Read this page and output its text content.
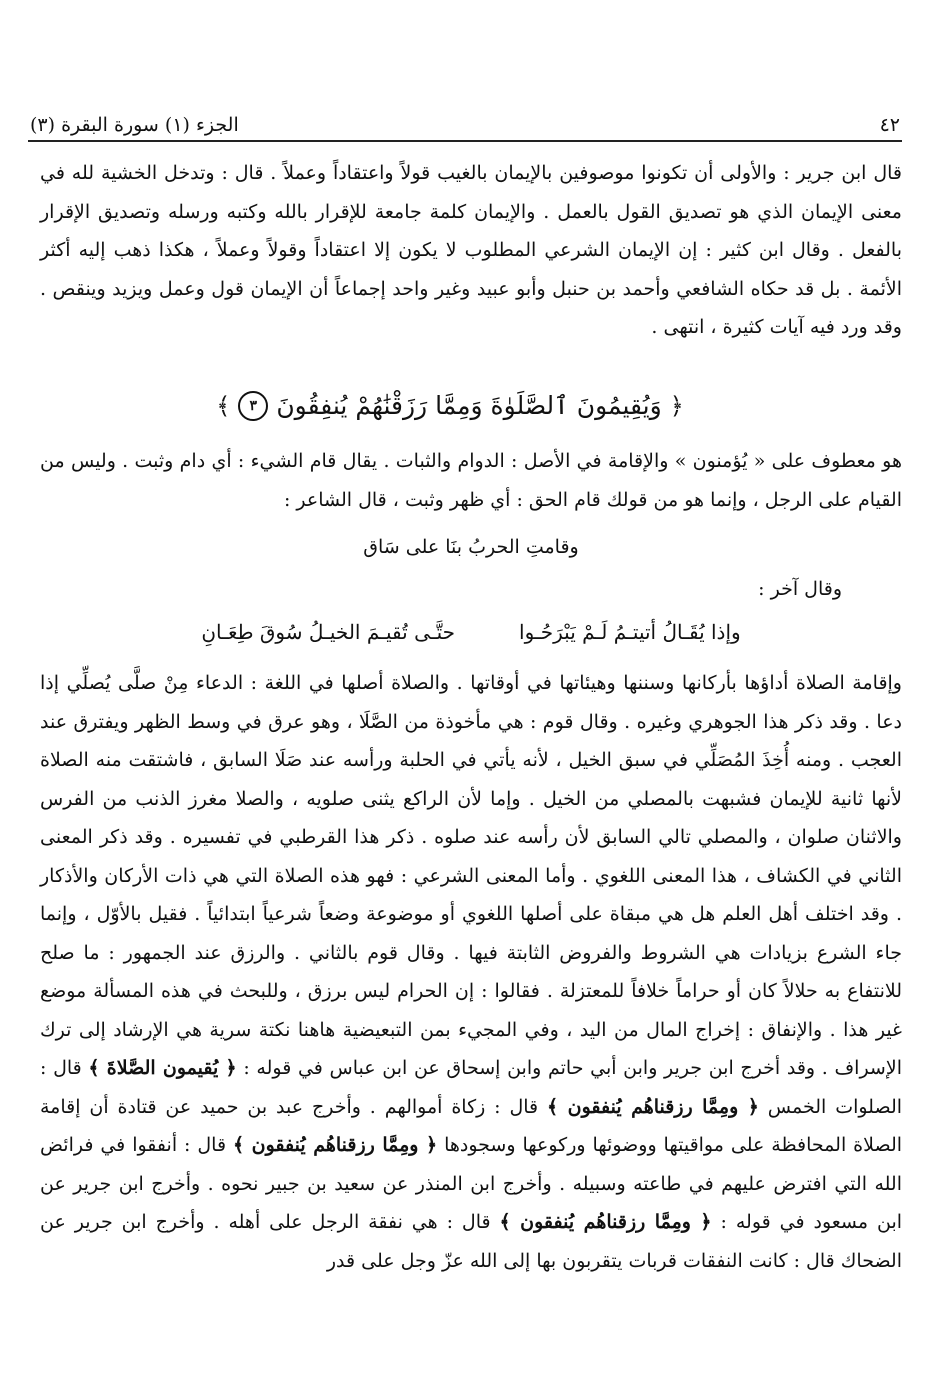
٤٢
الجزء (١) سورة البقرة (٣)

قال ابن جرير : والأولى أن تكونوا موصوفين بالإيمان بالغيب قولاً واعتقاداً وعملاً . قال : وتدخل الخشية لله في معنى الإيمان الذي هو تصديق القول بالعمل . والإيمان كلمة جامعة للإقرار بالله وكتبه ورسله وتصديق الإقرار بالفعل . وقال ابن كثير : إن الإيمان الشرعي المطلوب لا يكون إلا اعتقاداً وقولاً وعملاً ، هكذا ذهب إليه أكثر الأئمة . بل قد حكاه الشافعي وأحمد بن حنبل وأبو عبيد وغير واحد إجماعاً أن الإيمان قول وعمل ويزيد وينقص . وقد ورد فيه آيات كثيرة ، انتهى .

﴿
وَيُقِيمُونَ ٱلصَّلَوٰةَ وَمِمَّا رَزَقْنَٰهُمْ يُنفِقُونَ
٣
﴾

هو معطوف على « يُؤمنون » والإقامة في الأصل : الدوام والثبات . يقال قام الشيء : أي دام وثبت . وليس من القيام على الرجل ، وإنما هو من قولك قام الحق : أي ظهر وثبت ، قال الشاعر :

وقامتِ الحربُ بنَا على سَاق
وقال آخر :
وإذا يُقَـالُ أتيتـمُ لَـمْ يَبْرَحُـوا
حتَّـى تُقيـمَ الخيـلُ سُوقَ طِعَـانِ

وإقامة الصلاة أداؤها بأركانها وسننها وهيئاتها في أوقاتها . والصلاة أصلها في اللغة : الدعاء مِنْ صلَّى يُصلِّي إذا دعا . وقد ذكر هذا الجوهري وغيره . وقال قوم : هي مأخوذة من الصَّلَا ، وهو عرق في وسط الظهر ويفترق عند العجب . ومنه أُخِذَ المُصَلِّي في سبق الخيل ، لأنه يأتي في الحلبة ورأسه عند صَلَا السابق ، فاشتقت منه الصلاة لأنها ثانية للإيمان فشبهت بالمصلي من الخيل . وإما لأن الراكع يثنى صلويه ، والصلا مغرز الذنب من الفرس والاثنان صلوان ، والمصلي تالي السابق لأن رأسه عند صلوه . ذكر هذا القرطبي في تفسيره . وقد ذكر المعنى الثاني في الكشاف ، هذا المعنى اللغوي . وأما المعنى الشرعي : فهو هذه الصلاة التي هي ذات الأركان والأذكار . وقد اختلف أهل العلم هل هي مبقاة على أصلها اللغوي أو موضوعة وضعاً شرعياً ابتدائياً . فقيل بالأوّل ، وإنما جاء الشرع بزيادات هي الشروط والفروض الثابتة فيها . وقال قوم بالثاني . والرزق عند الجمهور : ما صلح للانتفاع به حلالاً كان أو حراماً خلافاً للمعتزلة . فقالوا : إن الحرام ليس برزق ، وللبحث في هذه المسألة موضع غير هذا . والإنفاق : إخراج المال من اليد ، وفي المجيء بمن التبعيضية هاهنا نكتة سرية هي الإرشاد إلى ترك الإسراف . وقد أخرج ابن جرير وابن أبي حاتم وابن إسحاق عن ابن عباس في قوله : ﴿ يُقيمون الصَّلاةَ ﴾ قال : الصلوات الخمس ﴿ ومِمَّا رزقناهُم يُنفقون ﴾ قال : زكاة أموالهم . وأخرج عبد بن حميد عن قتادة أن إقامة الصلاة المحافظة على مواقيتها ووضوئها وركوعها وسجودها ﴿ ومِمَّا رزقناهُم يُنفقون ﴾ قال : أنفقوا في فرائض الله التي افترض عليهم في طاعته وسبيله . وأخرج ابن المنذر عن سعيد بن جبير نحوه . وأخرج ابن جرير عن ابن مسعود في قوله : ﴿ ومِمَّا رزقناهُم يُنفقون ﴾ قال : هي نفقة الرجل على أهله . وأخرج ابن جرير عن الضحاك قال : كانت النفقات قربات يتقربون بها إلى الله عزّ وجل على قدر
